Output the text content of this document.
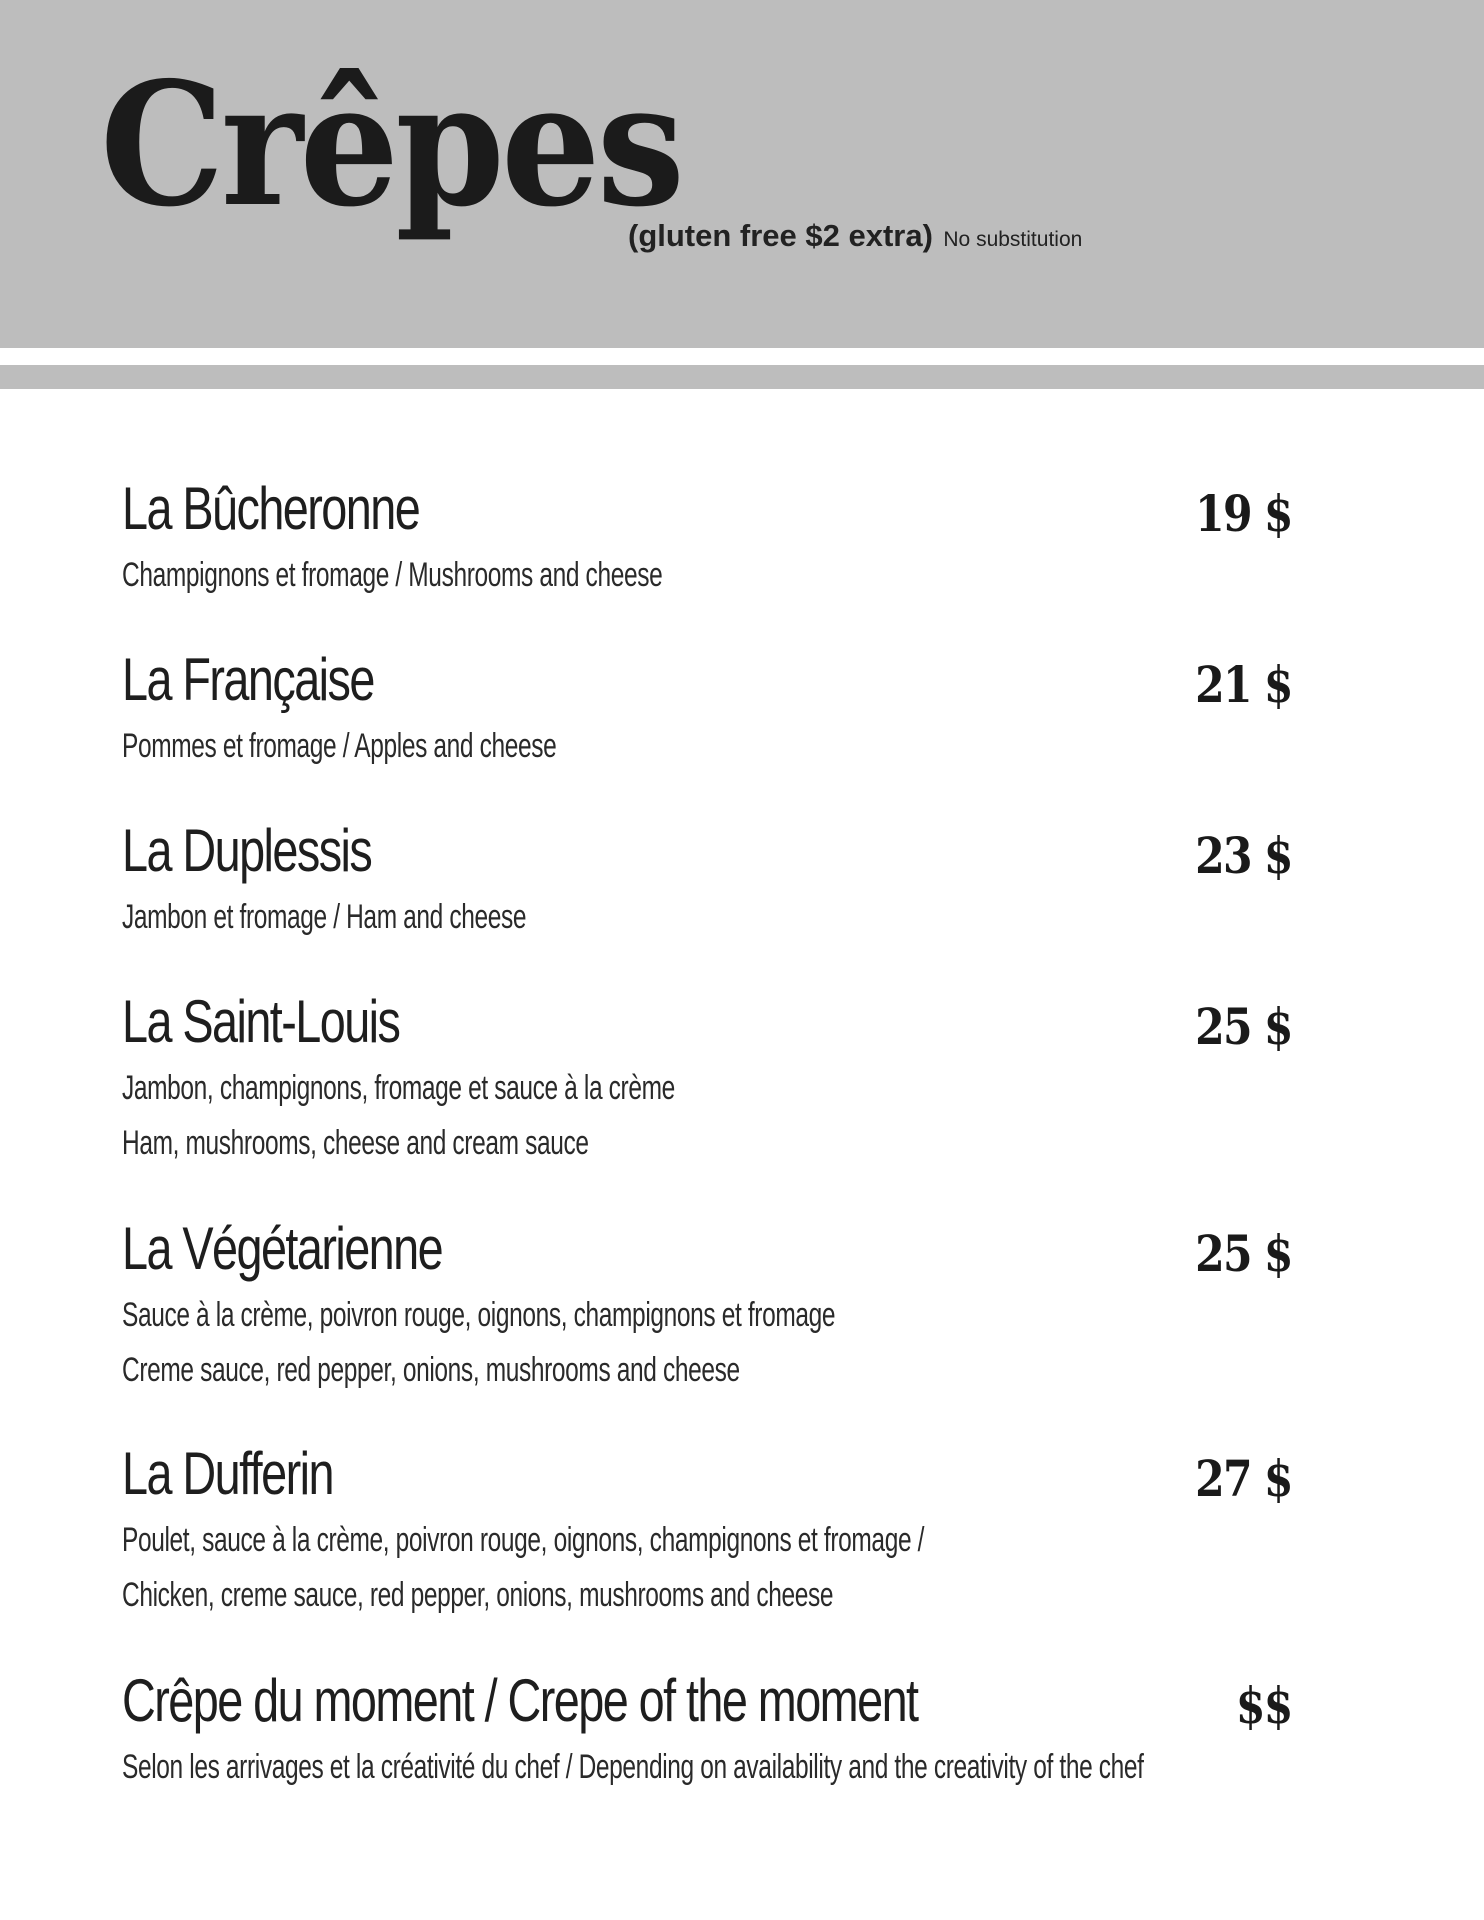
Crêpes
(gluten free $2 extra) No substitution
La Bûcheronne	19 $
Champignons et fromage / Mushrooms and cheese
La Française	21 $
Pommes et fromage / Apples and cheese
La Duplessis	23 $
Jambon et fromage / Ham and cheese
La Saint-Louis	25 $
Jambon, champignons, fromage et sauce à la crème
Ham, mushrooms, cheese and cream sauce
La Végétarienne	25 $
Sauce à la crème, poivron rouge, oignons, champignons et fromage
Creme sauce, red pepper, onions, mushrooms and cheese
La Dufferin	27 $
Poulet, sauce à la crème, poivron rouge, oignons, champignons et fromage /
Chicken, creme sauce, red pepper, onions, mushrooms and cheese
Crêpe du moment / Crepe of the moment	$$
Selon les arrivages et la créativité du chef / Depending on availability and the creativity of the chef
